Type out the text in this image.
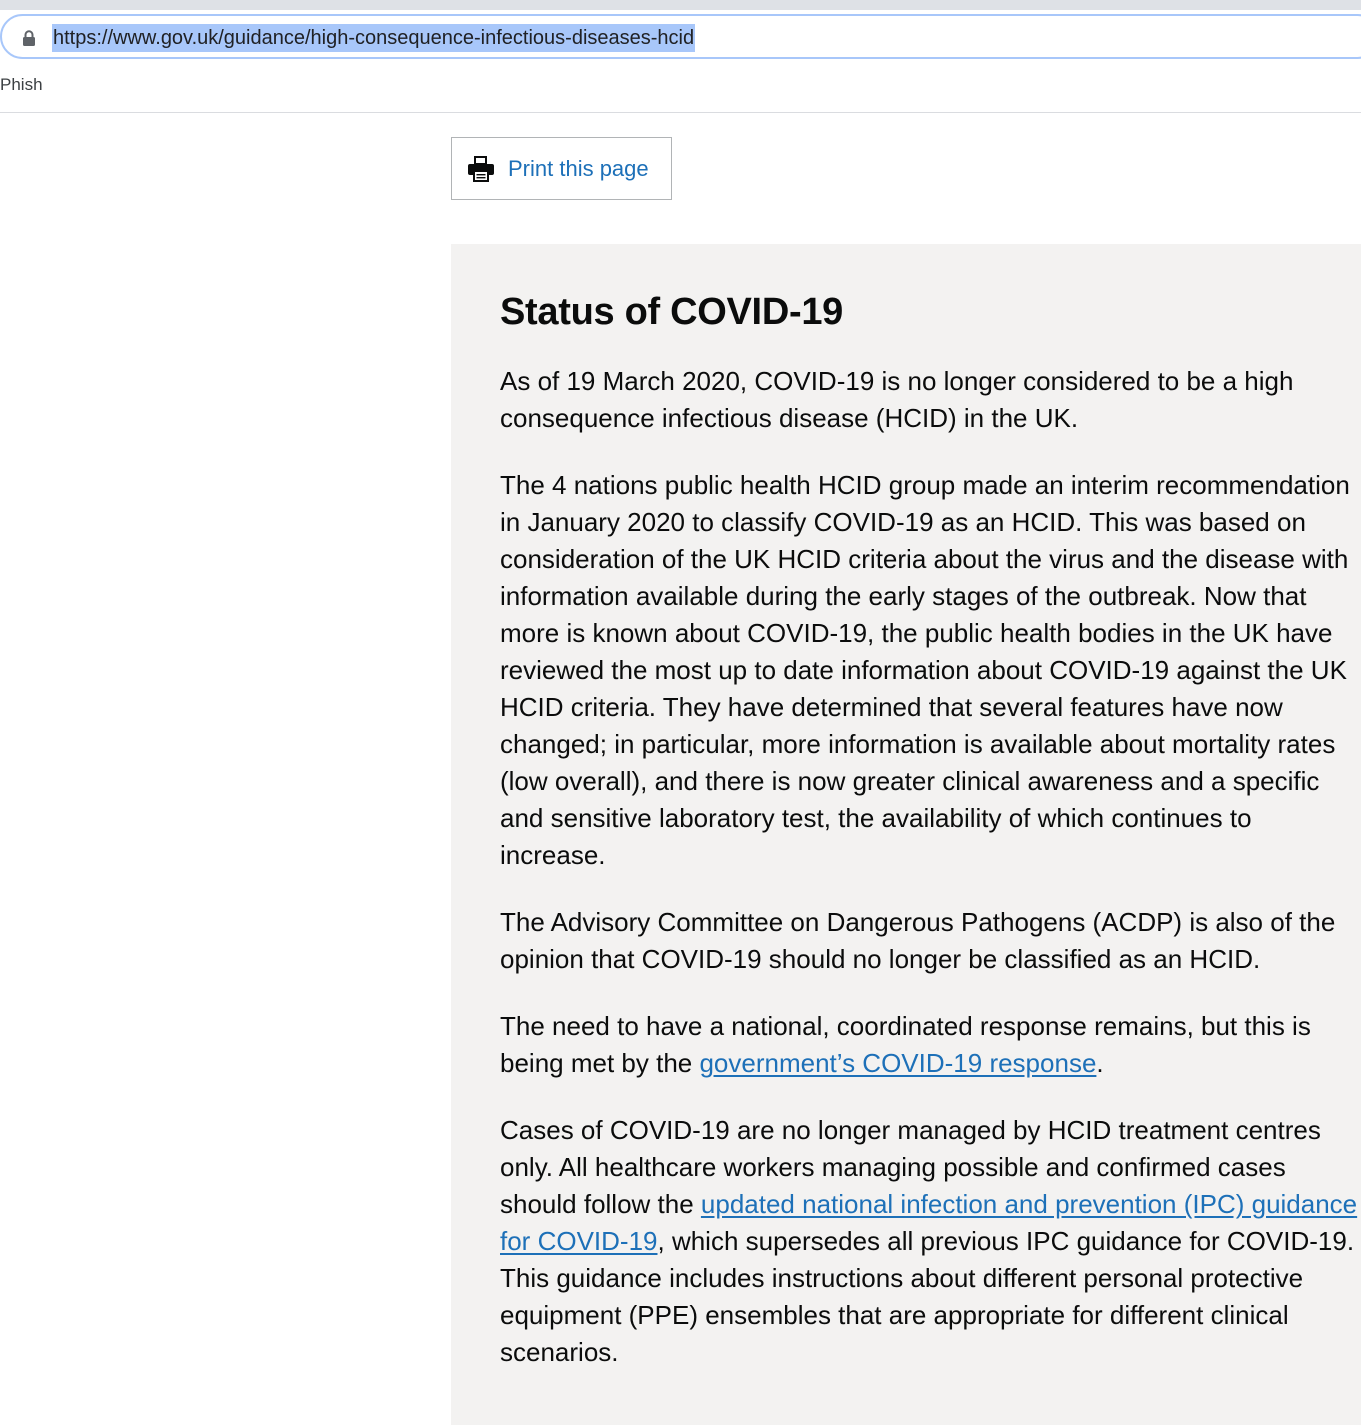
https://www.gov.uk/guidance/high-consequence-infectious-diseases-hcid
Phish
Print this page
Status of COVID-19

As of 19 March 2020, COVID-19 is no longer considered to be a high consequence infectious disease (HCID) in the UK.

The 4 nations public health HCID group made an interim recommendation in January 2020 to classify COVID-19 as an HCID. This was based on consideration of the UK HCID criteria about the virus and the disease with information available during the early stages of the outbreak. Now that more is known about COVID-19, the public health bodies in the UK have reviewed the most up to date information about COVID-19 against the UK HCID criteria. They have determined that several features have now changed; in particular, more information is available about mortality rates (low overall), and there is now greater clinical awareness and a specific and sensitive laboratory test, the availability of which continues to increase.

The Advisory Committee on Dangerous Pathogens (ACDP) is also of the opinion that COVID-19 should no longer be classified as an HCID.

The need to have a national, coordinated response remains, but this is being met by the government’s COVID-19 response.

Cases of COVID-19 are no longer managed by HCID treatment centres only. All healthcare workers managing possible and confirmed cases should follow the updated national infection and prevention (IPC) guidance for COVID-19, which supersedes all previous IPC guidance for COVID-19. This guidance includes instructions about different personal protective equipment (PPE) ensembles that are appropriate for different clinical scenarios.
